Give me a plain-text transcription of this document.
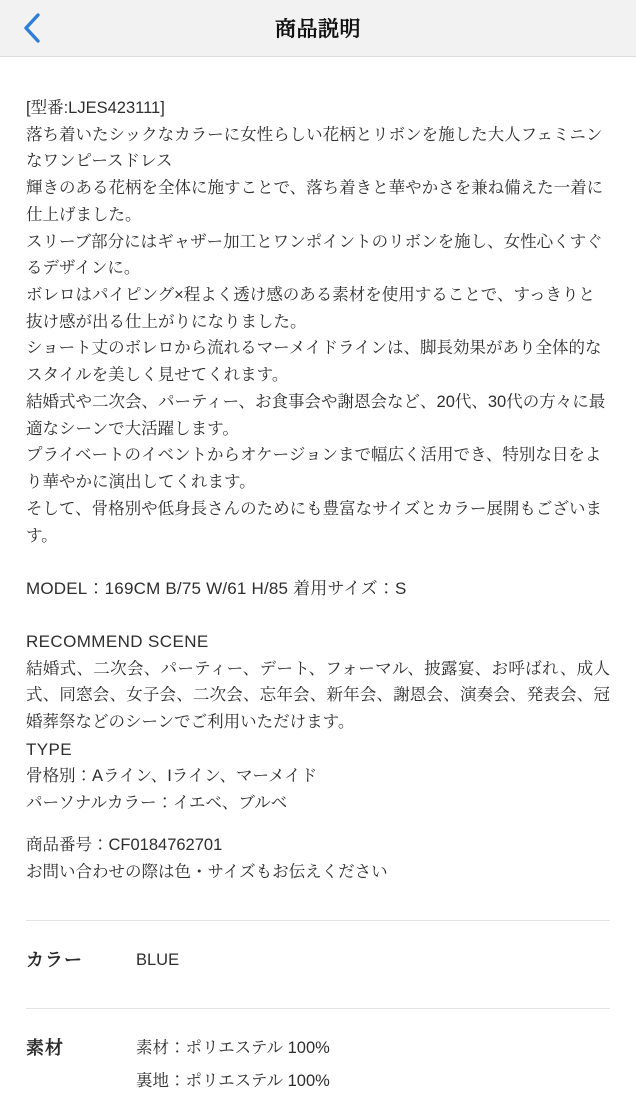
商品説明
[型番:LJES423111]
落ち着いたシックなカラーに女性らしい花柄とリボンを施した大人フェミニンなワンピースドレス
輝きのある花柄を全体に施すことで、落ち着きと華やかさを兼ね備えた一着に仕上げました。
スリーブ部分にはギャザー加工とワンポイントのリボンを施し、女性心くすぐるデザインに。
ボレロはパイピング×程よく透け感のある素材を使用することで、すっきりと抜け感が出る仕上がりになりました。
ショート丈のボレロから流れるマーメイドラインは、脚長効果があり全体的なスタイルを美しく見せてくれます。
結婚式や二次会、パーティー、お食事会や謝恩会など、20代、30代の方々に最適なシーンで大活躍します。
プライベートのイベントからオケージョンまで幅広く活用でき、特別な日をより華やかに演出してくれます。
そして、骨格別や低身長さんのためにも豊富なサイズとカラー展開もございます。
MODEL：169CM B/75 W/61 H/85 着用サイズ：S
RECOMMEND SCENE
結婚式、二次会、パーティー、デート、フォーマル、披露宴、お呼ばれ、成人式、同窓会、女子会、二次会、忘年会、新年会、謝恩会、演奏会、発表会、冠婚葬祭などのシーンでご利用いただけます。
TYPE
骨格別：Aライン、Iライン、マーメイド
パーソナルカラー：イエベ、ブルベ
商品番号：CF0184762701
お問い合わせの際は色・サイズもお伝えください
カラー	BLUE
素材	素材：ポリエステル 100%
裏地：ポリエステル 100%
